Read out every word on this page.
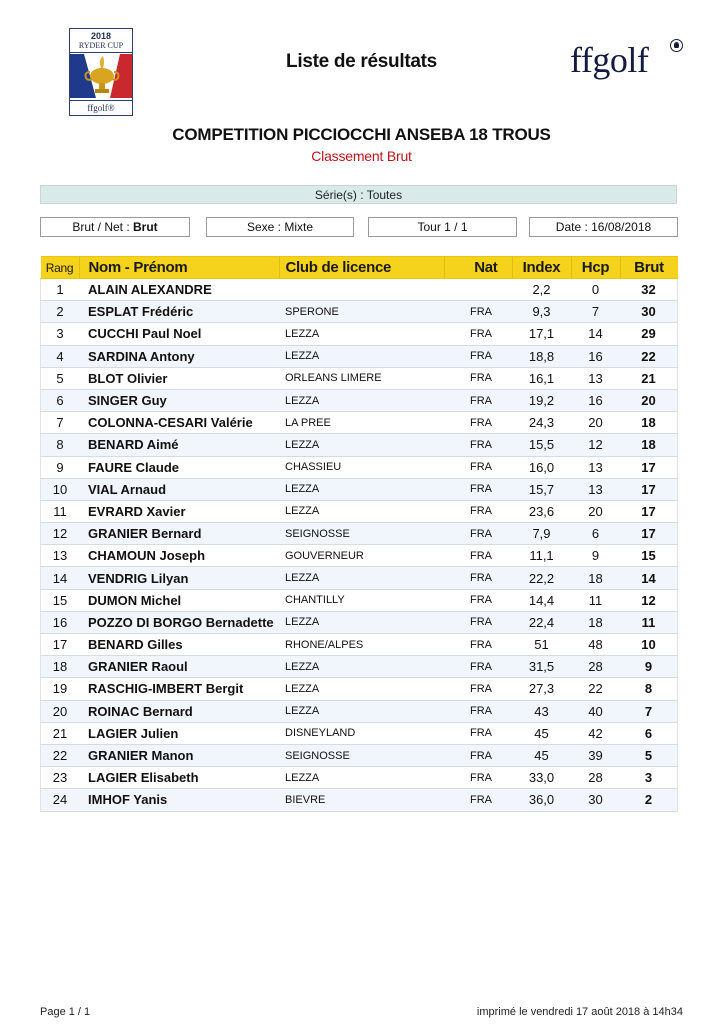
2018
RYDER CUP
ffgolf®
Liste de résultats	ffgolf
COMPETITION PICCIOCCHI ANSEBA 18 TROUS
Classement Brut
Série(s) : Toutes
Brut / Net : Brut	Sexe : Mixte	Tour 1 / 1	Date : 16/08/2018
Rang	Nom - Prénom	Club de licence	Nat	Index	Hcp	Brut
1	ALAIN ALEXANDRE			2,2	0	32
2	ESPLAT Frédéric	SPERONE	FRA	9,3	7	30
3	CUCCHI Paul Noel	LEZZA	FRA	17,1	14	29
4	SARDINA Antony	LEZZA	FRA	18,8	16	22
5	BLOT Olivier	ORLEANS LIMERE	FRA	16,1	13	21
6	SINGER Guy	LEZZA	FRA	19,2	16	20
7	COLONNA-CESARI Valérie	LA PREE	FRA	24,3	20	18
8	BENARD Aimé	LEZZA	FRA	15,5	12	18
9	FAURE Claude	CHASSIEU	FRA	16,0	13	17
10	VIAL Arnaud	LEZZA	FRA	15,7	13	17
11	EVRARD Xavier	LEZZA	FRA	23,6	20	17
12	GRANIER Bernard	SEIGNOSSE	FRA	7,9	6	17
13	CHAMOUN Joseph	GOUVERNEUR	FRA	11,1	9	15
14	VENDRIG Lilyan	LEZZA	FRA	22,2	18	14
15	DUMON Michel	CHANTILLY	FRA	14,4	11	12
16	POZZO DI BORGO Bernadette	LEZZA	FRA	22,4	18	11
17	BENARD Gilles	RHONE/ALPES	FRA	51	48	10
18	GRANIER Raoul	LEZZA	FRA	31,5	28	9
19	RASCHIG-IMBERT Bergit	LEZZA	FRA	27,3	22	8
20	ROINAC Bernard	LEZZA	FRA	43	40	7
21	LAGIER Julien	DISNEYLAND	FRA	45	42	6
22	GRANIER Manon	SEIGNOSSE	FRA	45	39	5
23	LAGIER Elisabeth	LEZZA	FRA	33,0	28	3
24	IMHOF Yanis	BIEVRE	FRA	36,0	30	2
Page 1 / 1	imprimé le vendredi 17 août 2018 à 14h34
